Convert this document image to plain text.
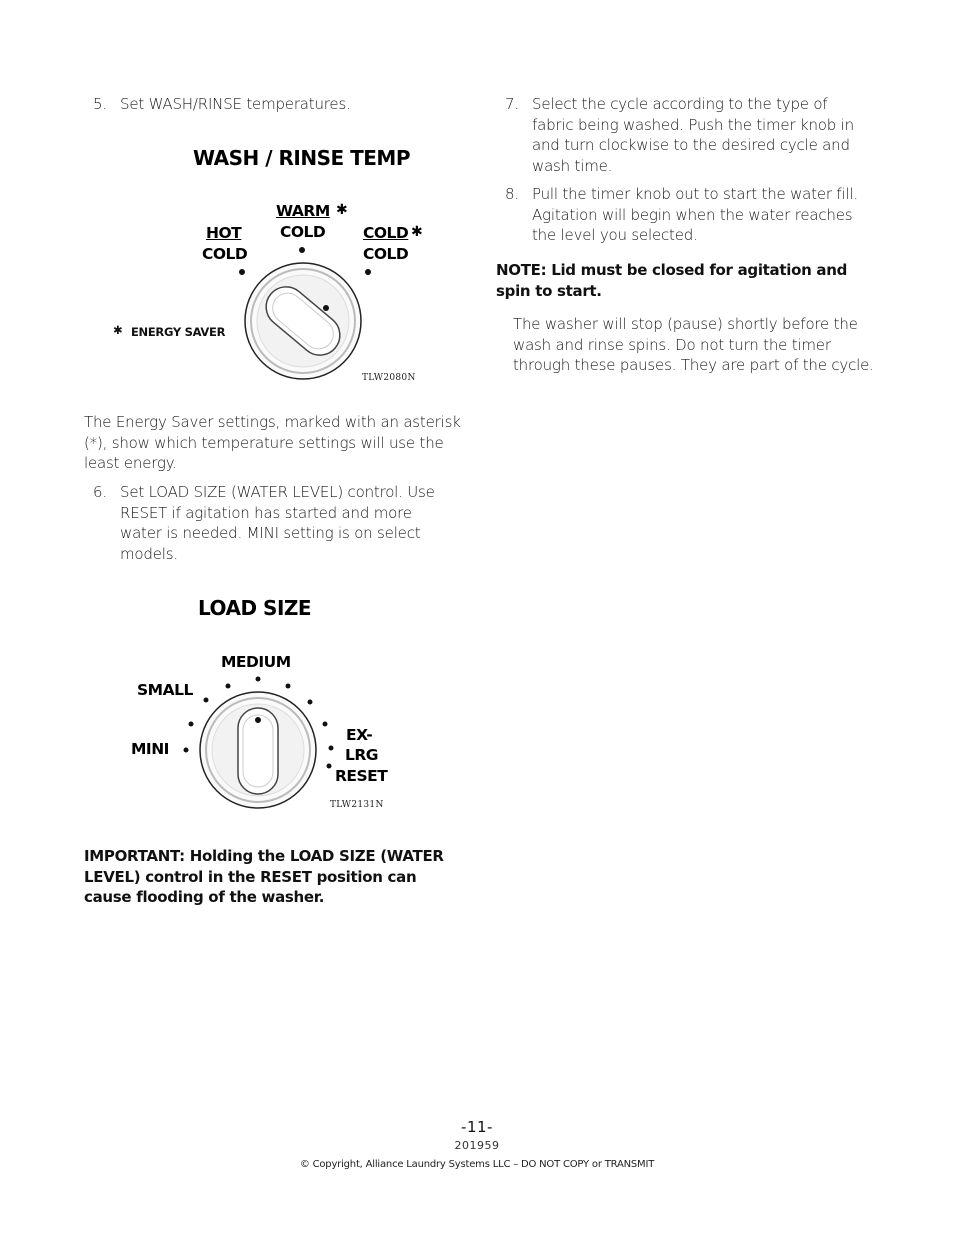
5. Set WASH/RINSE temperatures.
WASH / RINSE TEMP
HOT
COLD
WARM ✱
COLD COLD ✱
COLD
✱ ENERGY SAVER
TLW2080N
The Energy Saver settings, marked with an asterisk (*), show which temperature settings will use the least energy.
6. Set LOAD SIZE (WATER LEVEL) control. Use RESET if agitation has started and more water is needed. MINI setting is on select models.
LOAD SIZE
MEDIUM
SMALL
MINI
EX-
LRG
RESET
TLW2131N
IMPORTANT: Holding the LOAD SIZE (WATER LEVEL) control in the RESET position can cause flooding of the washer.
7. Select the cycle according to the type of fabric being washed. Push the timer knob in and turn clockwise to the desired cycle and wash time.
8. Pull the timer knob out to start the water fill. Agitation will begin when the water reaches the level you selected.
NOTE: Lid must be closed for agitation and spin to start.
The washer will stop (pause) shortly before the wash and rinse spins. Do not turn the timer through these pauses. They are part of the cycle.
-11-
201959
© Copyright, Alliance Laundry Systems LLC – DO NOT COPY or TRANSMIT
